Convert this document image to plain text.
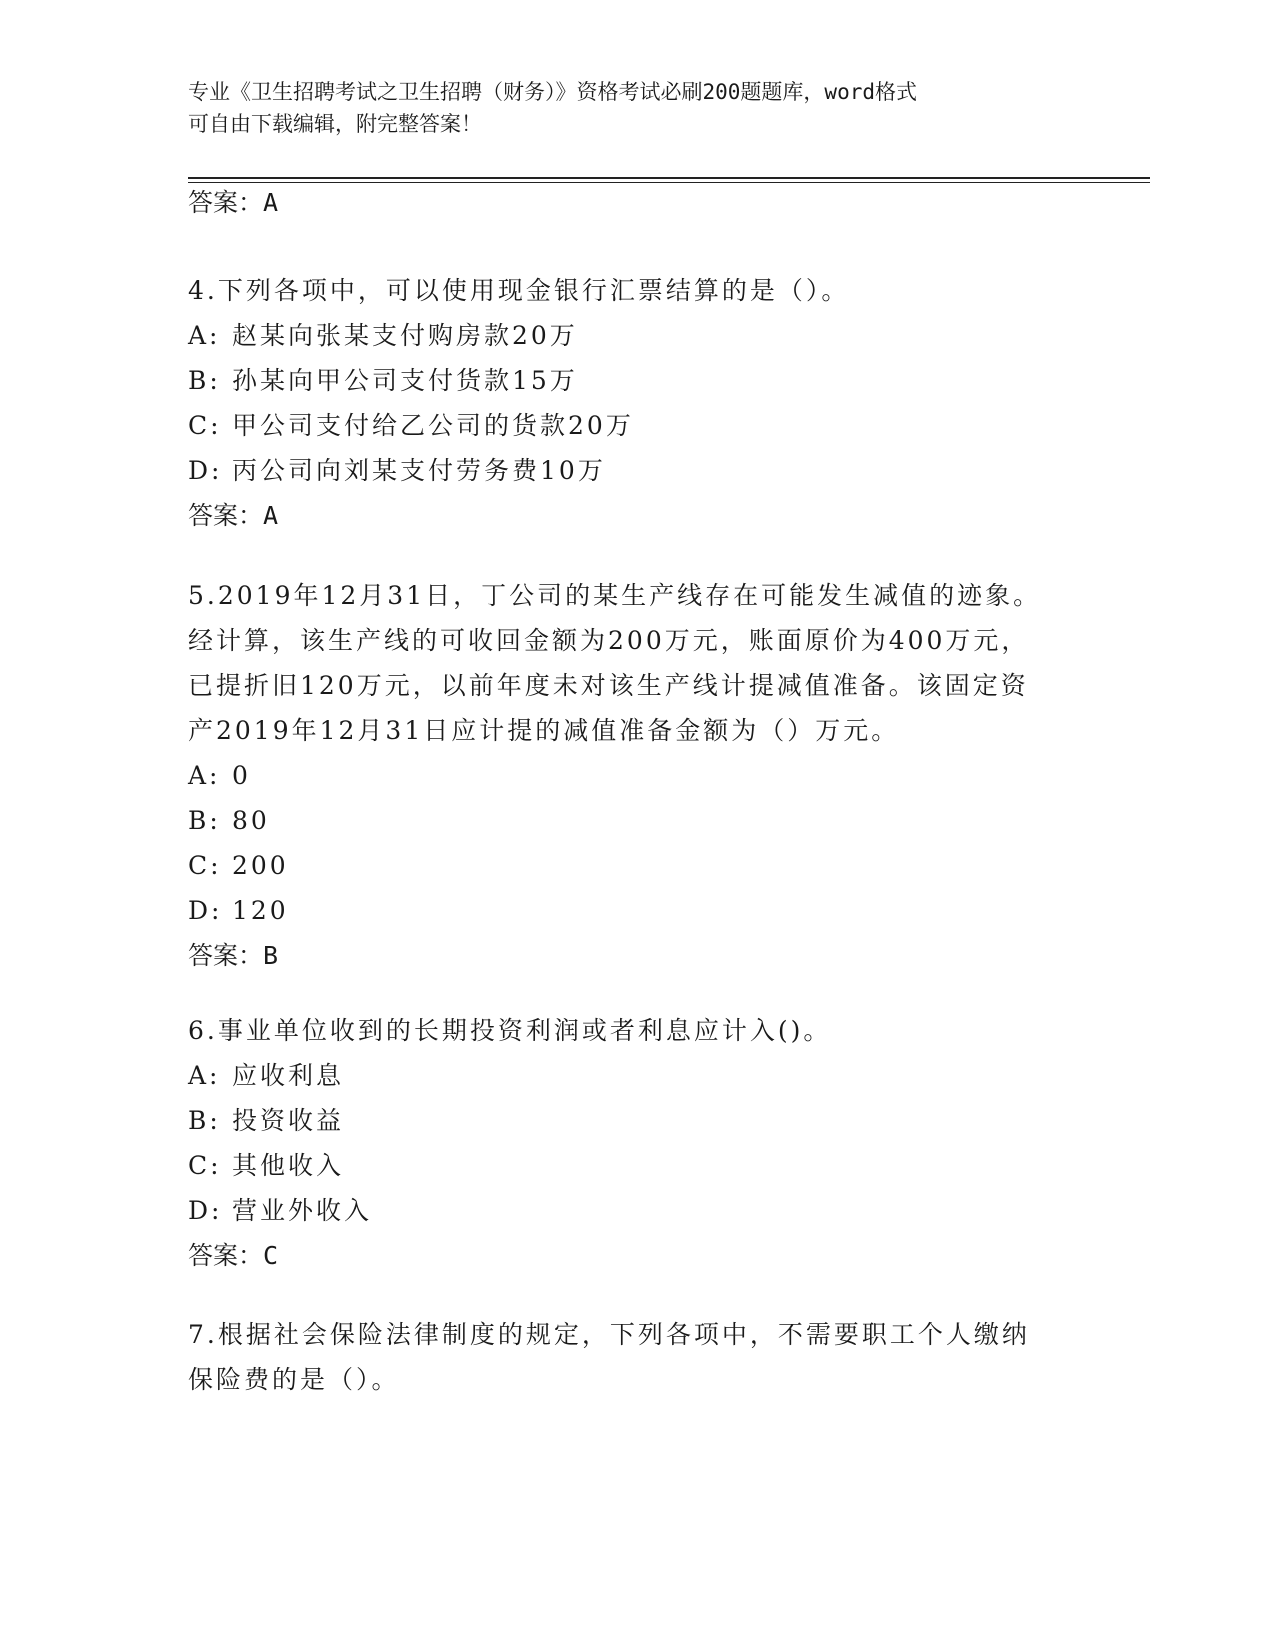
专业《卫生招聘考试之卫生招聘（财务）》资格考试必刷200题题库，word格式
可自由下载编辑，附完整答案！
答案：A
4.下列各项中，可以使用现金银行汇票结算的是（）。
A: 赵某向张某支付购房款20万
B: 孙某向甲公司支付货款15万
C: 甲公司支付给乙公司的货款20万
D: 丙公司向刘某支付劳务费10万
答案：A
5.2019年12月31日，丁公司的某生产线存在可能发生减值的迹象。
经计算，该生产线的可收回金额为200万元，账面原价为400万元，
已提折旧120万元，以前年度未对该生产线计提减值准备。该固定资
产2019年12月31日应计提的减值准备金额为（）万元。
A: 0
B: 80
C: 200
D: 120
答案：B
6.事业单位收到的长期投资利润或者利息应计入()。
A: 应收利息
B: 投资收益
C: 其他收入
D: 营业外收入
答案：C
7.根据社会保险法律制度的规定，下列各项中，不需要职工个人缴纳
保险费的是（）。
